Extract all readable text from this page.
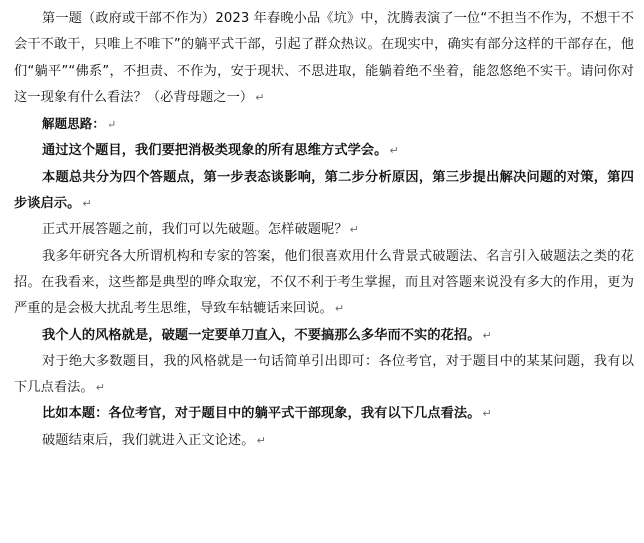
第一题（政府或干部不作为）2023 年春晚小品《坑》中，沈腾表演了一位“不担当不作为，不想干不会干不敢干，只唯上不唯下”的躺平式干部，引起了群众热议。在现实中，确实有部分这样的干部存在，他们“躺平”“佛系”，不担责、不作为，安于现状、不思进取，能躺着绝不坐着，能忽悠绝不实干。请问你对这一现象有什么看法？（必背母题之一） ↵

解题思路： ↵

通过这个题目，我们要把消极类现象的所有思维方式学会。 ↵

本题总共分为四个答题点，第一步表态谈影响，第二步分析原因，第三步提出解决问题的对策，第四步谈启示。 ↵

正式开展答题之前，我们可以先破题。怎样破题呢？ ↵

我多年研究各大所谓机构和专家的答案，他们很喜欢用什么背景式破题法、名言引入破题法之类的花招。在我看来，这些都是典型的哗众取宠，不仅不利于考生掌握，而且对答题来说没有多大的作用，更为严重的是会极大扰乱考生思维，导致车轱辘话来回说。 ↵

我个人的风格就是，破题一定要单刀直入，不要搞那么多华而不实的花招。 ↵

对于绝大多数题目，我的风格就是一句话简单引出即可：各位考官，对于题目中的某某问题，我有以下几点看法。 ↵

比如本题：各位考官，对于题目中的躺平式干部现象，我有以下几点看法。 ↵

破题结束后，我们就进入正文论述。 ↵
